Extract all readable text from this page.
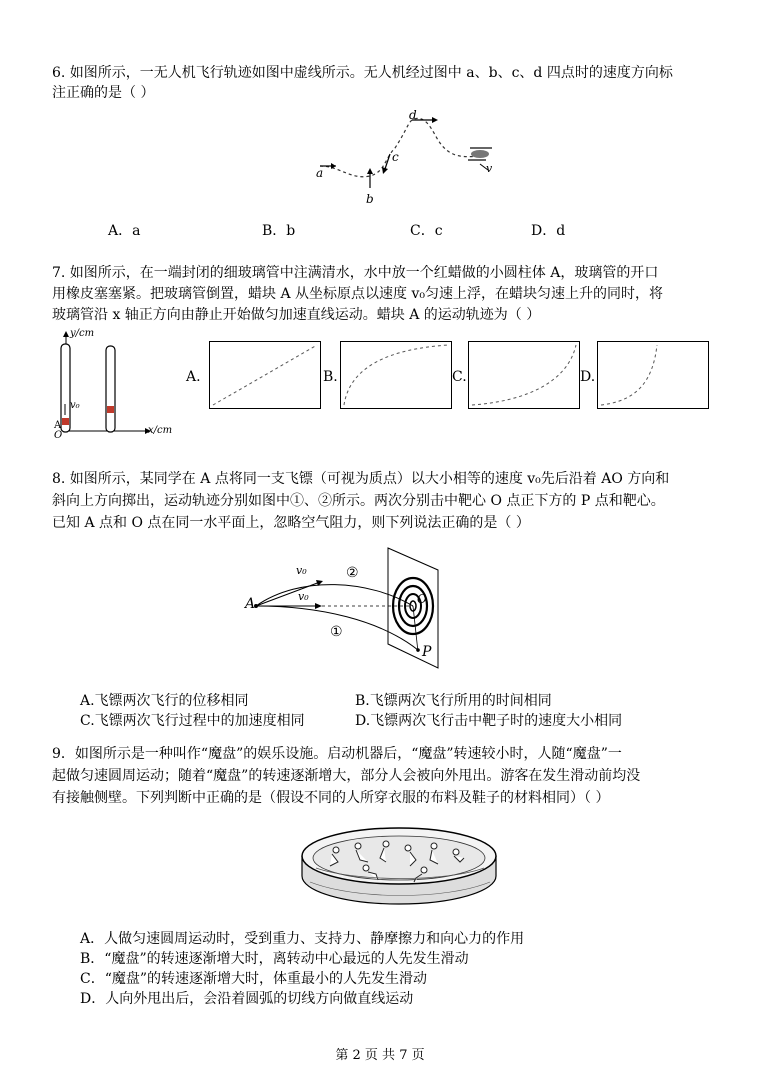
6. 如图所示，一无人机飞行轨迹如图中虚线所示。无人机经过图中 a、b、c、d 四点时的速度方向标
注正确的是（ ）
a
b
c
d
v
A．a	B．b	C．c	D．d
7. 如图所示，在一端封闭的细玻璃管中注满清水，水中放一个红蜡做的小圆柱体 A，玻璃管的开口
用橡皮塞塞紧。把玻璃管倒置，蜡块 A 从坐标原点以速度 v₀匀速上浮，在蜡块匀速上升的同时，将
玻璃管沿 x 轴正方向由静止开始做匀加速直线运动。蜡块 A 的运动轨迹为（ ）
y/cm
x/cm
v₀
A
O
A.	B.	C.	D.
8. 如图所示，某同学在 A 点将同一支飞镖（可视为质点）以大小相等的速度 v₀先后沿着 AO 方向和
斜向上方向掷出，运动轨迹分别如图中①、②所示。两次分别击中靶心 O 点正下方的 P 点和靶心。
已知 A 点和 O 点在同一水平面上，忽略空气阻力，则下列说法正确的是（ ）
A
v₀
v₀
②
①
O
P
A.飞镖两次飞行的位移相同	B.飞镖两次飞行所用的时间相同
C.飞镖两次飞行过程中的加速度相同	D.飞镖两次飞行击中靶子时的速度大小相同
9．如图所示是一种叫作“魔盘”的娱乐设施。启动机器后，“魔盘”转速较小时，人随“魔盘”一
起做匀速圆周运动；随着“魔盘”的转速逐渐增大，部分人会被向外甩出。游客在发生滑动前均没
有接触侧壁。下列判断中正确的是（假设不同的人所穿衣服的布料及鞋子的材料相同）（ ）
A．人做匀速圆周运动时，受到重力、支持力、静摩擦力和向心力的作用
B．“魔盘”的转速逐渐增大时，离转动中心最远的人先发生滑动
C．“魔盘”的转速逐渐增大时，体重最小的人先发生滑动
D．人向外甩出后，会沿着圆弧的切线方向做直线运动
第 2 页 共 7 页
